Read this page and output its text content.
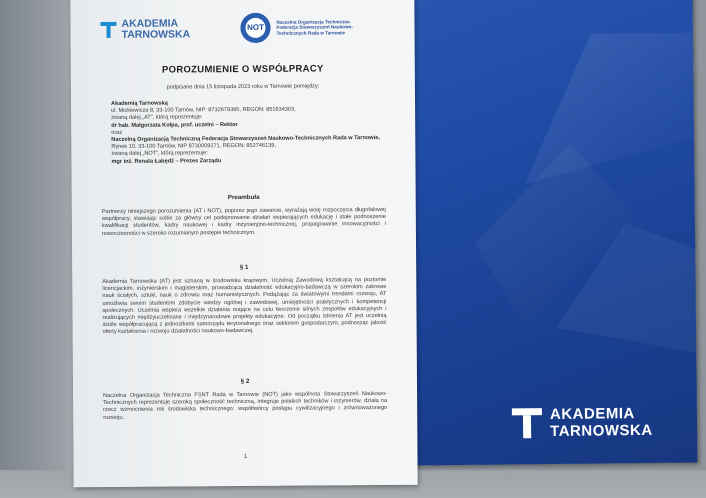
AKADEMIA
TARNOWSKA
AKADEMIA
TARNOWSKA
NOT
Naczelna Organizacja Techniczna
Federacja Stowarzyszeń Naukowo-
Technicznych Rada w Tarnowie
POROZUMIENIE O WSPÓŁPRACY
podpisane dnia 15 listopada 2023 roku w Tarnowie pomiędzy:
Akademią Tarnowską
ul. Mickiewicza 8, 33-100 Tarnów, NIP: 8732679395, REGON: 851634303,
zwaną dalej „AT”, którą reprezentuje:
dr hab. Małgorzata Kołpa, prof. uczelni – Rektor
oraz
Naczelną Organizacją Techniczną Federacja Stowarzyszeń Naukowo-Technicznych Rada w Tarnowie,
Rynek 10, 33-100 Tarnów, NIP 8730009271, REGON: 852746139,
zwaną dalej „NOT”, którą reprezentuje:
mgr inż. Renata Łabędź – Prezes Zarządu
Preambuła
Partnerzy niniejszego porozumienia (AT i NOT), poprzez jego zawarcie, wyrażają wolę rozpoczęcia długofalowej współpracy, stawiając sobie za główny cel podejmowanie działań wspierających edukację i stałe podnoszenie kwalifikacji studentów, kadry naukowej i kadry inżynieryjno-technicznej, propagowanie innowacyjności i nowoczesności w szeroko rozumianym postępie technicznym.
§ 1
Akademia Tarnowska (AT) jest uznaną w środowisku krajowym, Uczelnią Zawodową kształcącą na poziomie licencjackim, inżynierskim i magisterskim, prowadzącą działalność edukacyjno-badawczą w szerokim zakresie nauk ścisłych, sztuki, nauk o zdrowiu oraz humanistycznych. Podążając za światowymi trendami rozwoju, AT umożliwia swoim studentom zdobycie wiedzy ogólnej i zawodowej, umiejętności praktycznych i kompetencji społecznych. Uczelnia wspiera wszelkie działania mające na celu tworzenie silnych zespołów edukacyjnych i realizujących międzyuczelniane i międzynarodowe projekty edukacyjne. Od początku istnienia AT jest uczelnią ściśle współpracującą z jednostkami samorządu terytorialnego oraz sektorem gospodarczym, podnosząc jakość oferty kształcenia i rozwoju działalności naukowo-badawczej.
§ 2
Naczelna Organizacja Techniczna FSNT Rada w Tarnowie (NOT) jako wspólnota Stowarzyszeń Naukowo-Technicznych reprezentuje szeroką społeczność techniczną, integruje polskich techników i inżynierów, działa na rzecz wzmocnienia roli środowiska technicznego: współtwórcy postępu cywilizacyjnego i zrównoważonego rozwoju.
1
